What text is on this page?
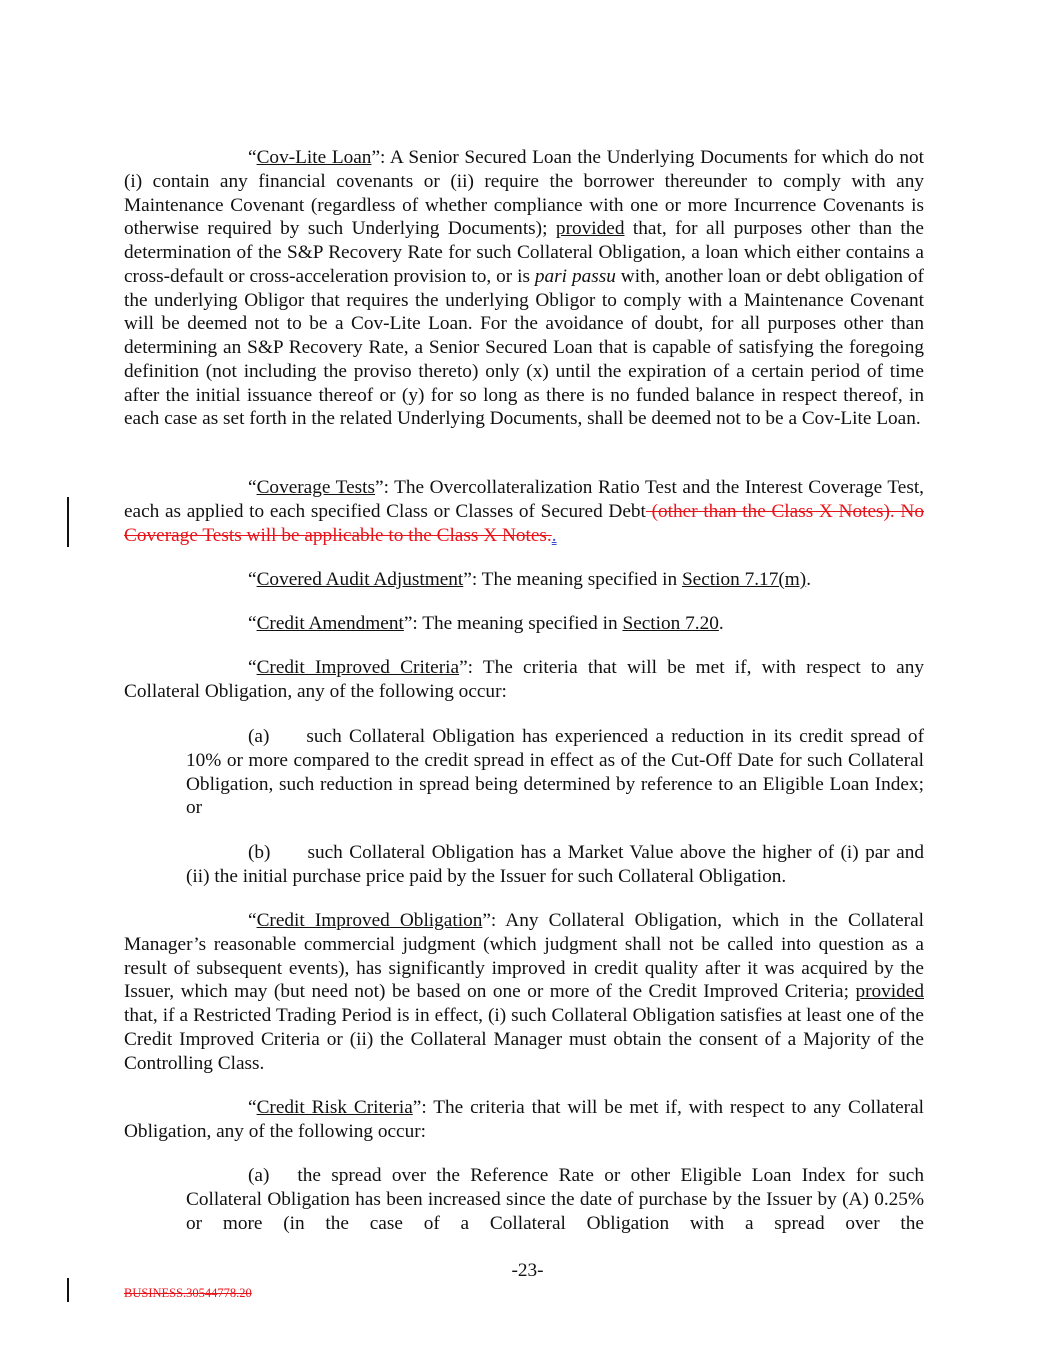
“Cov-Lite Loan”: A Senior Secured Loan the Underlying Documents for which do not (i) contain any financial covenants or (ii) require the borrower thereunder to comply with any Maintenance Covenant (regardless of whether compliance with one or more Incurrence Covenants is otherwise required by such Underlying Documents); provided that, for all purposes other than the determination of the S&P Recovery Rate for such Collateral Obligation, a loan which either contains a cross-default or cross-acceleration provision to, or is pari passu with, another loan or debt obligation of the underlying Obligor that requires the underlying Obligor to comply with a Maintenance Covenant will be deemed not to be a Cov-Lite Loan. For the avoidance of doubt, for all purposes other than determining an S&P Recovery Rate, a Senior Secured Loan that is capable of satisfying the foregoing definition (not including the proviso thereto) only (x) until the expiration of a certain period of time after the initial issuance thereof or (y) for so long as there is no funded balance in respect thereof, in each case as set forth in the related Underlying Documents, shall be deemed not to be a Cov-Lite Loan.
“Coverage Tests”: The Overcollateralization Ratio Test and the Interest Coverage Test, each as applied to each specified Class or Classes of Secured Debt (other than the Class X Notes). No Coverage Tests will be applicable to the Class X Notes..
“Covered Audit Adjustment”: The meaning specified in Section 7.17(m).
“Credit Amendment”: The meaning specified in Section 7.20.
“Credit Improved Criteria”: The criteria that will be met if, with respect to any Collateral Obligation, any of the following occur:
(a) such Collateral Obligation has experienced a reduction in its credit spread of 10% or more compared to the credit spread in effect as of the Cut-Off Date for such Collateral Obligation, such reduction in spread being determined by reference to an Eligible Loan Index; or
(b) such Collateral Obligation has a Market Value above the higher of (i) par and (ii) the initial purchase price paid by the Issuer for such Collateral Obligation.
“Credit Improved Obligation”: Any Collateral Obligation, which in the Collateral Manager’s reasonable commercial judgment (which judgment shall not be called into question as a result of subsequent events), has significantly improved in credit quality after it was acquired by the Issuer, which may (but need not) be based on one or more of the Credit Improved Criteria; provided that, if a Restricted Trading Period is in effect, (i) such Collateral Obligation satisfies at least one of the Credit Improved Criteria or (ii) the Collateral Manager must obtain the consent of a Majority of the Controlling Class.
“Credit Risk Criteria”: The criteria that will be met if, with respect to any Collateral Obligation, any of the following occur:
(a) the spread over the Reference Rate or other Eligible Loan Index for such Collateral Obligation has been increased since the date of purchase by the Issuer by (A) 0.25% or more (in the case of a Collateral Obligation with a spread over the
-23-
BUSINESS.30544778.20
